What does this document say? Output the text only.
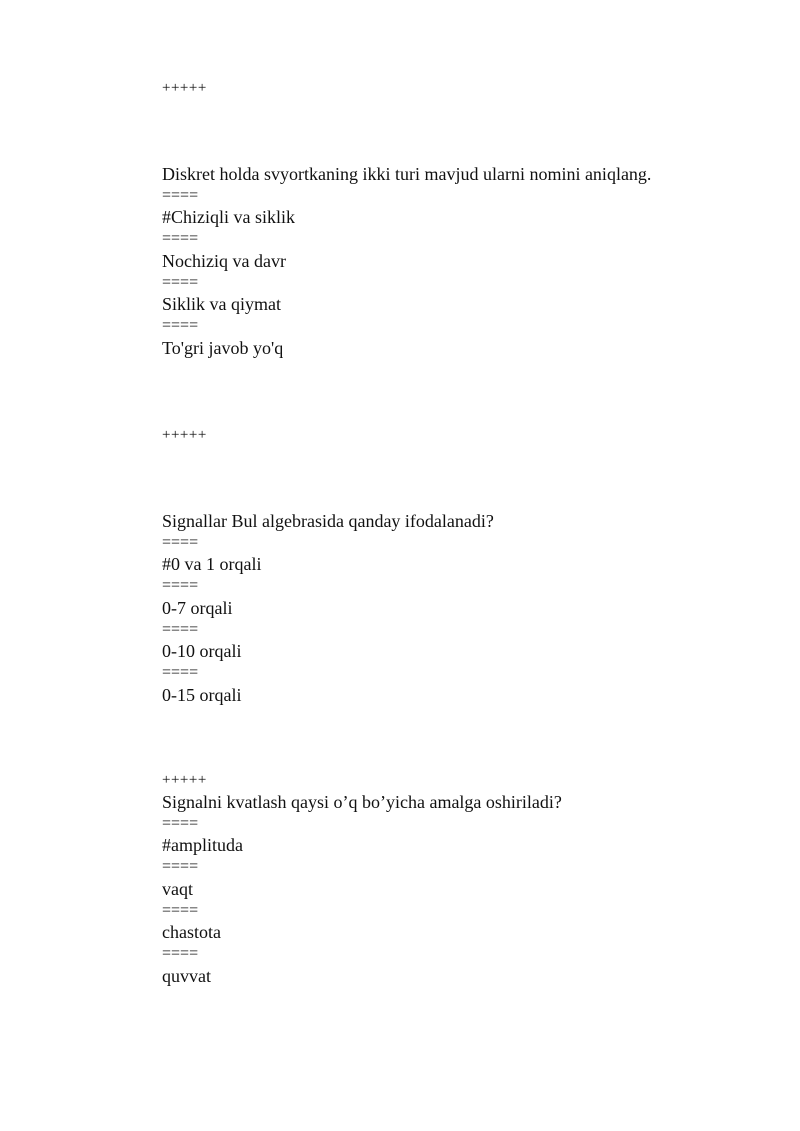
+++++
Diskret holda svyortkaning ikki turi mavjud ularni nomini aniqlang.
====
#Chiziqli va siklik
====
Nochiziq va davr
====
Siklik va qiymat
====
To'gri javob yo'q
+++++
Signallar Bul algebrasida qanday ifodalanadi?
====
#0 va 1 orqali
====
0-7 orqali
====
0-10 orqali
====
0-15 orqali
+++++
Signalni kvatlash qaysi o’q bo’yicha amalga oshiriladi?
====
#amplituda
====
vaqt
====
chastota
====
quvvat
